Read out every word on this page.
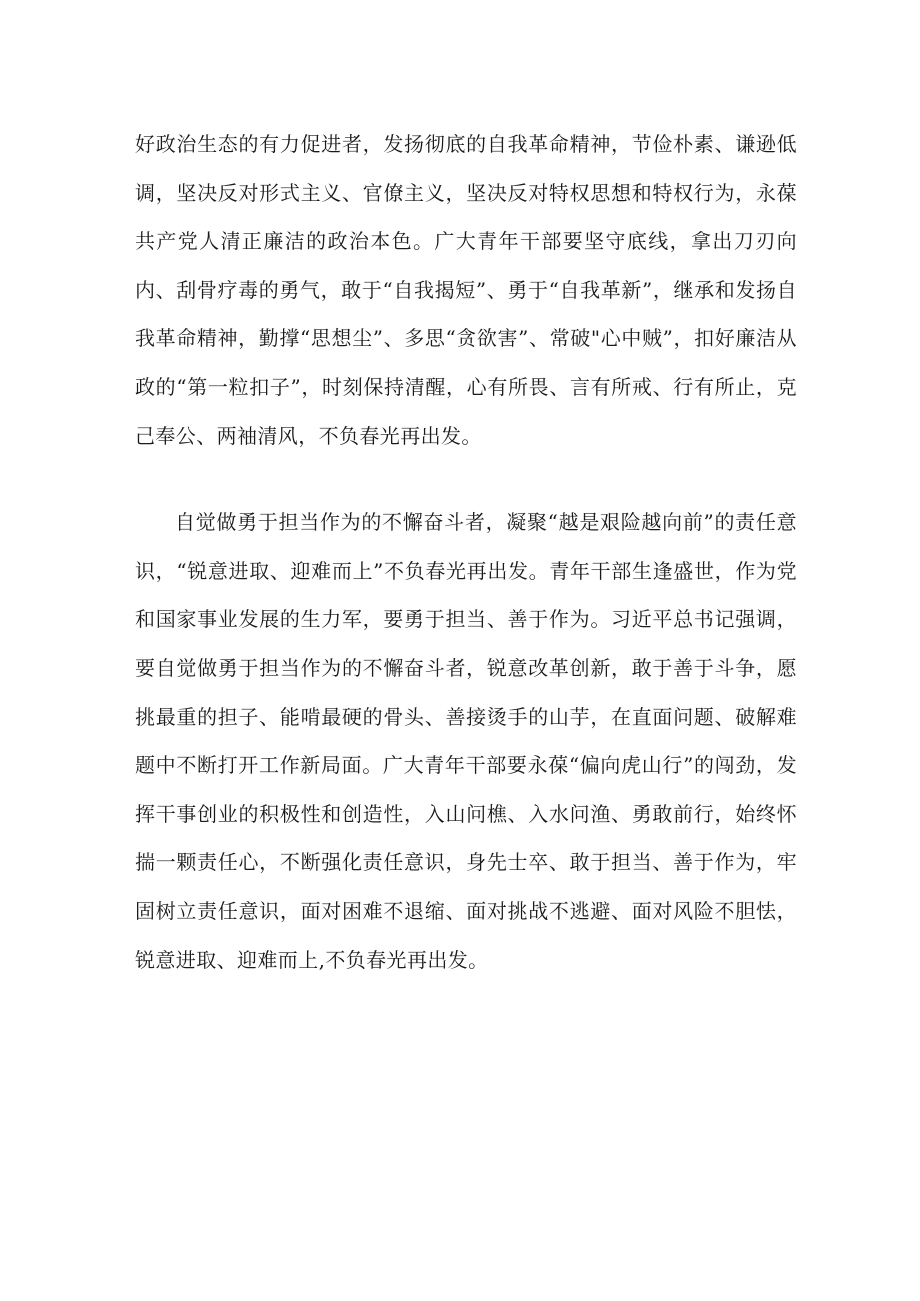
好政治生态的有力促进者，发扬彻底的自我革命精神，节俭朴素、谦逊低调，坚决反对形式主义、官僚主义，坚决反对特权思想和特权行为，永葆共产党人清正廉洁的政治本色。广大青年干部要坚守底线，拿出刀刃向内、刮骨疗毒的勇气，敢于“自我揭短”、勇于“自我革新”，继承和发扬自我革命精神，勤撑“思想尘”、多思“贪欲害”、常破"心中贼”，扣好廉洁从政的“第一粒扣子”，时刻保持清醒，心有所畏、言有所戒、行有所止，克己奉公、两袖清风，不负春光再出发。

自觉做勇于担当作为的不懈奋斗者，凝聚“越是艰险越向前”的责任意识，“锐意进取、迎难而上”不负春光再出发。青年干部生逢盛世，作为党和国家事业发展的生力军，要勇于担当、善于作为。习近平总书记强调，要自觉做勇于担当作为的不懈奋斗者，锐意改革创新，敢于善于斗争，愿挑最重的担子、能啃最硬的骨头、善接烫手的山芋，在直面问题、破解难题中不断打开工作新局面。广大青年干部要永葆“偏向虎山行”的闯劲，发挥干事创业的积极性和创造性，入山问樵、入水问渔、勇敢前行，始终怀揣一颗责任心，不断强化责任意识，身先士卒、敢于担当、善于作为，牢固树立责任意识，面对困难不退缩、面对挑战不逃避、面对风险不胆怯，锐意进取、迎难而上,不负春光再出发。
